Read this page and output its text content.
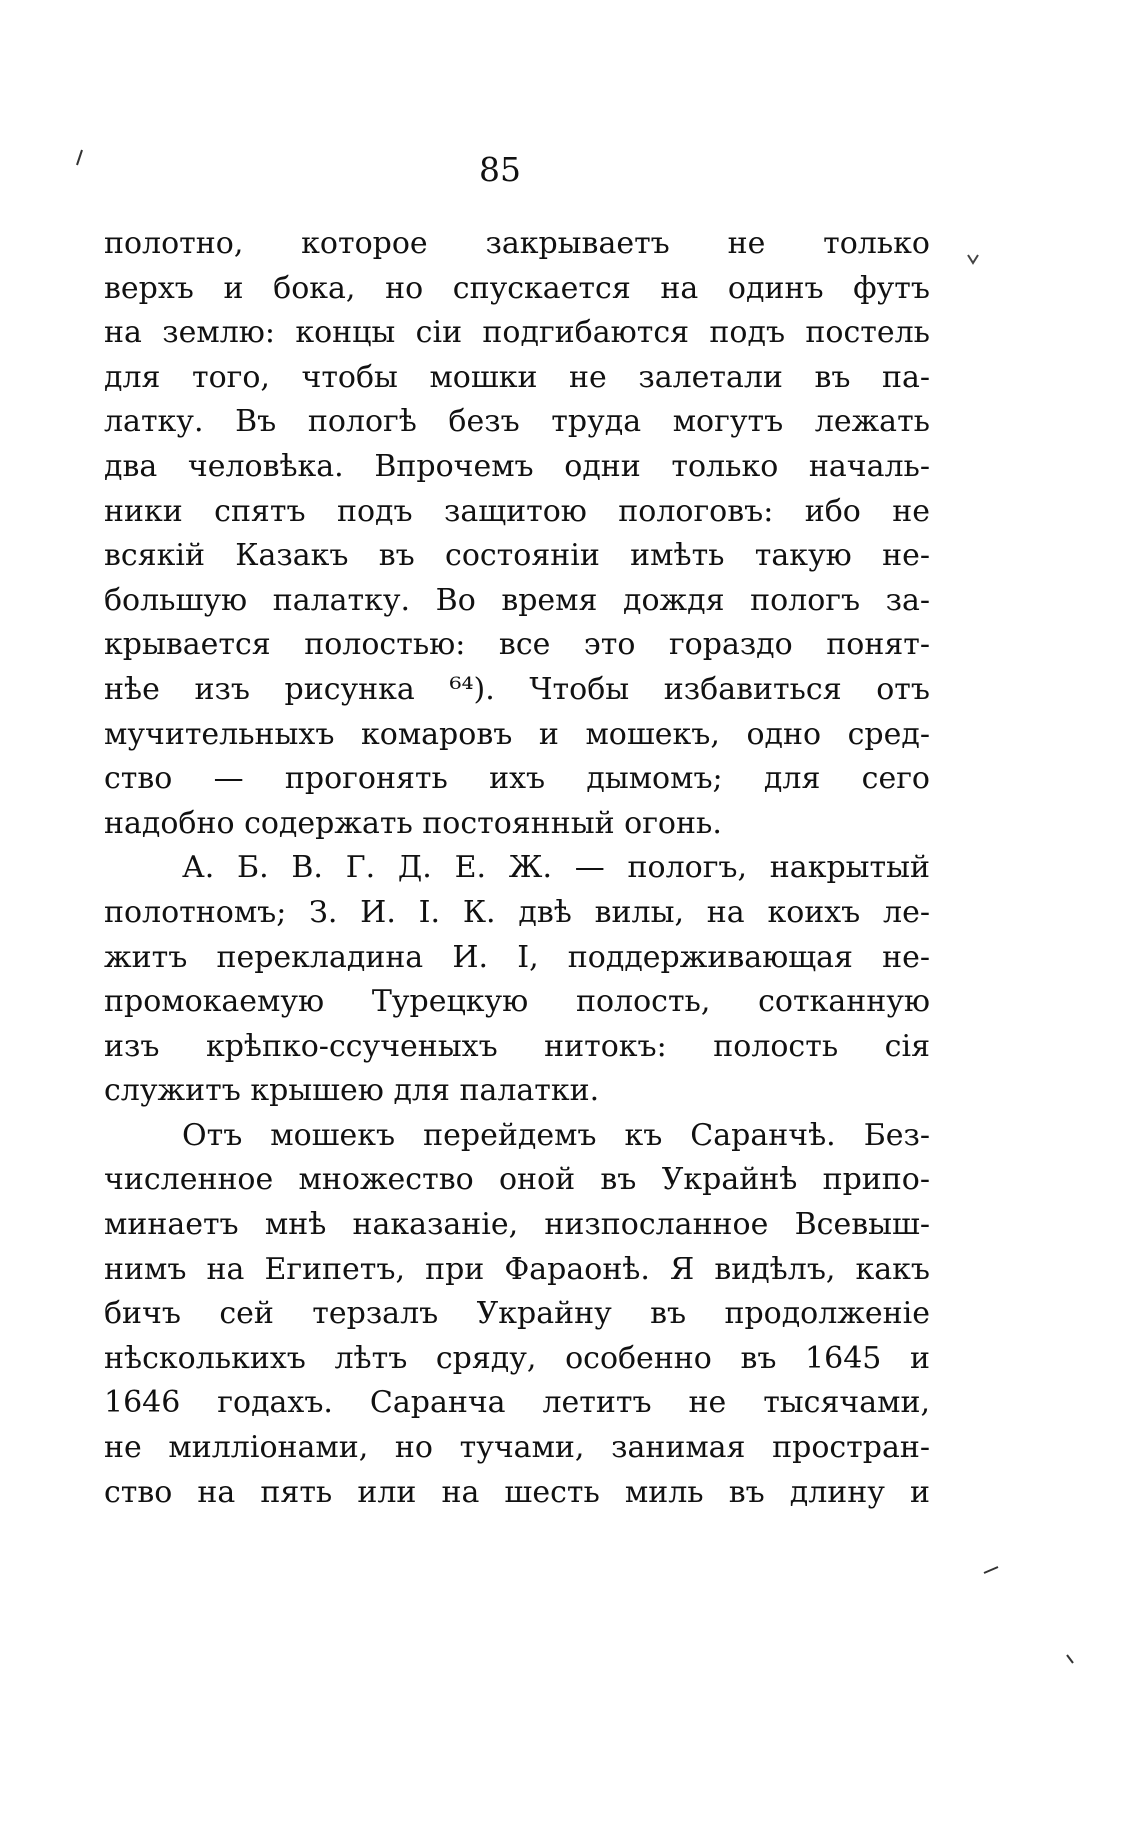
85
полотно, которое закрываетъ не только
верхъ и бока, но спускается на одинъ футъ
на землю: концы сіи подгибаются подъ постель
для того, чтобы мошки не залетали въ па-
латку. Въ пологѣ безъ труда могутъ лежать
два человѣка. Впрочемъ одни только началь-
ники спятъ подъ защитою пологовъ: ибо не
всякій Казакъ въ состояніи имѣть такую не-
большую палатку. Во время дождя пологъ за-
крывается полостью: все это гораздо понят-
нѣе изъ рисунка ⁶⁴). Чтобы избавиться отъ
мучительныхъ комаровъ и мошекъ, одно сред-
ство — прогонять ихъ дымомъ; для сего
надобно содержать постоянный огонь.
А. Б. В. Г. Д. Е. Ж. — пологъ, накрытый
полотномъ; З. И. І. К. двѣ вилы, на коихъ ле-
житъ перекладина И. І, поддерживающая не-
промокаемую Турецкую полость, сотканную
изъ крѣпко-ссученыхъ нитокъ: полость сія
служитъ крышею для палатки.
Отъ мошекъ перейдемъ къ Саранчѣ. Без-
численное множество оной въ Украйнѣ припо-
минаетъ мнѣ наказаніе, низпосланное Всевыш-
нимъ на Египетъ, при Фараонѣ. Я видѣлъ, какъ
бичъ сей терзалъ Украйну въ продолженіе
нѣсколькихъ лѣтъ сряду, особенно въ 1645 и
1646 годахъ. Саранча летитъ не тысячами,
не милліонами, но тучами, занимая простран-
ство на пять или на шесть миль въ длину и
